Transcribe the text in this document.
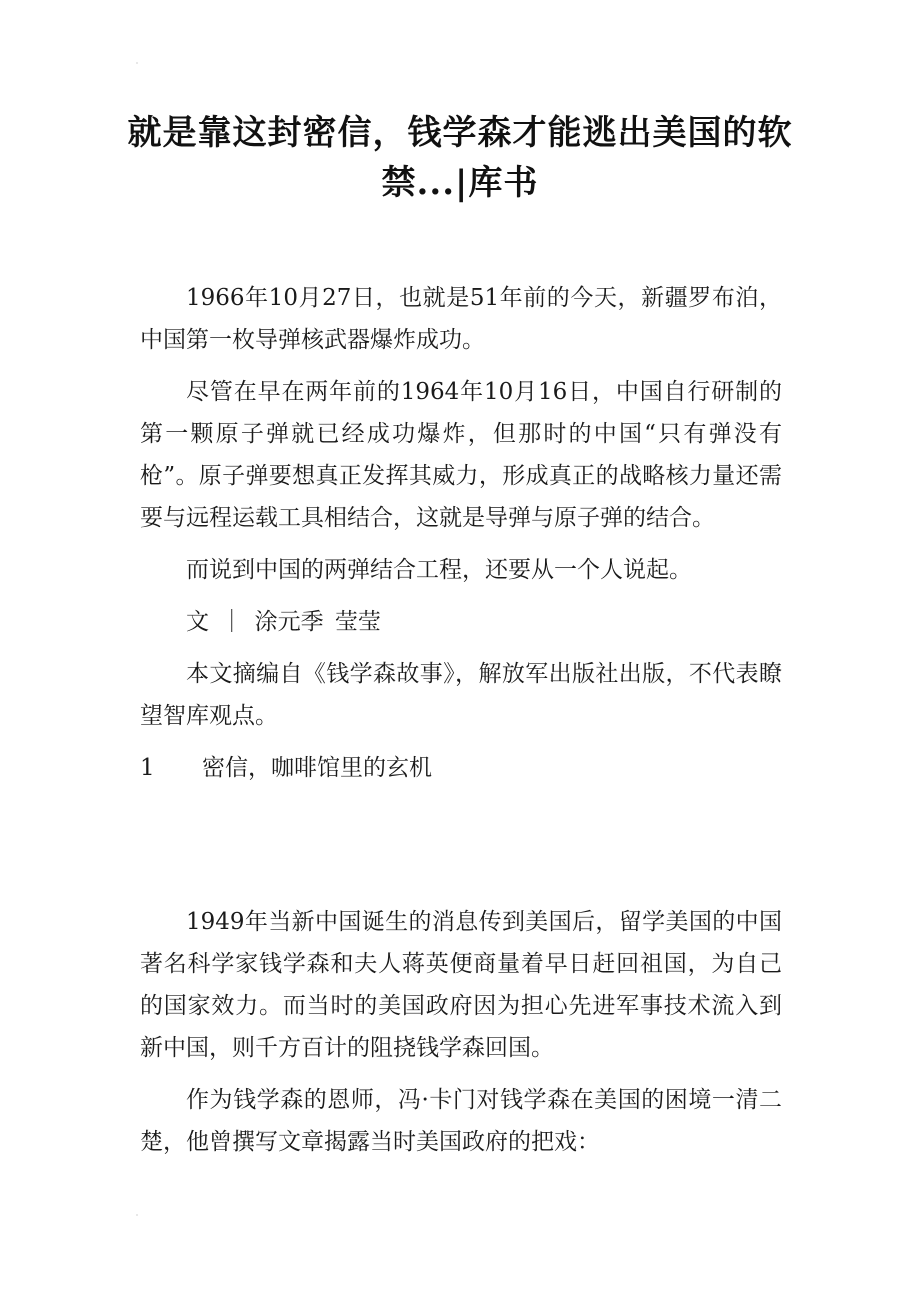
就是靠这封密信，钱学森才能逃出美国的软禁...|库书

1966年10月27日，也就是51年前的今天，新疆罗布泊，中国第一枚导弹核武器爆炸成功。

尽管在早在两年前的1964年10月16日，中国自行研制的第一颗原子弹就已经成功爆炸，但那时的中国“只有弹没有枪”。原子弹要想真正发挥其威力，形成真正的战略核力量还需要与远程运载工具相结合，这就是导弹与原子弹的结合。

而说到中国的两弹结合工程，还要从一个人说起。

文 ｜ 涂元季 莹莹

本文摘编自《钱学森故事》，解放军出版社出版，不代表瞭望智库观点。

1 密信，咖啡馆里的玄机

1949年当新中国诞生的消息传到美国后，留学美国的中国著名科学家钱学森和夫人蒋英便商量着早日赶回祖国，为自己的国家效力。而当时的美国政府因为担心先进军事技术流入到新中国，则千方百计的阻挠钱学森回国。

作为钱学森的恩师，冯·卡门对钱学森在美国的困境一清二楚，他曾撰写文章揭露当时美国政府的把戏：
